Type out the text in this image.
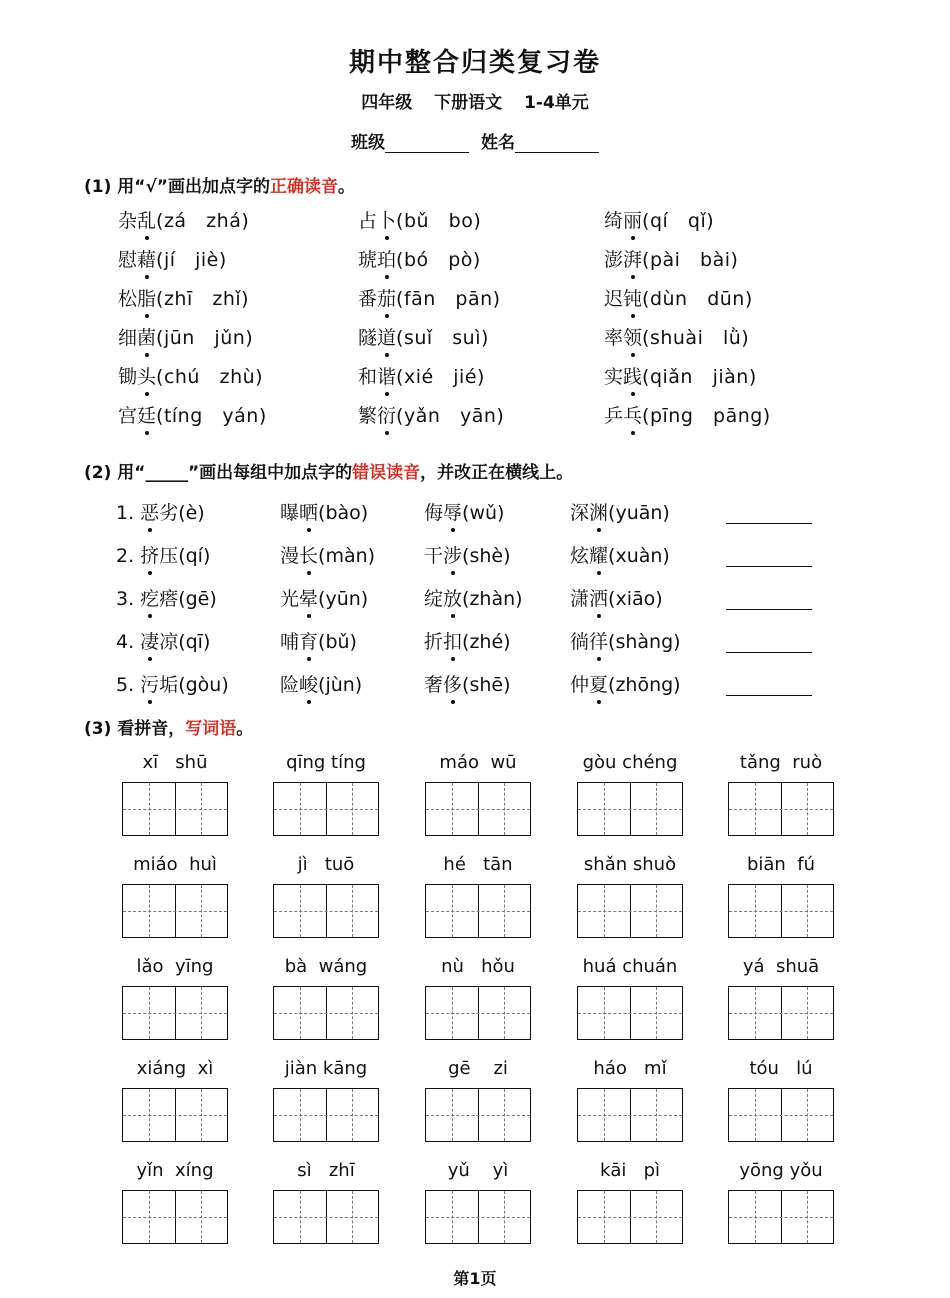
期中整合归类复习卷
四年级 下册语文 1-4单元
班级	姓名
(1) 用“√”画出加点字的正确读音。
杂乱(zá   zhá)	占卜(bǔ   bo)	绮丽(qí   qǐ)
慰藉(jí   jiè)	琥珀(bó   pò)	澎湃(pài   bài)
松脂(zhī   zhǐ)	番茄(fān   pān)	迟钝(dùn   dūn)
细菌(jūn   jǔn)	隧道(suǐ   suì)	率领(shuài   lǜ)
锄头(chú   zhù)	和谐(xié   jié)	实践(qiǎn   jiàn)
宫廷(tíng   yán)	繁衍(yǎn   yān)	乒乓(pīng   pāng)
(2) 用“_____”画出每组中加点字的错误读音，并改正在横线上。
1. 恶劣(è)	曝晒(bào)	侮辱(wǔ)	深渊(yuān)
2. 挤压(qí)	漫长(màn)	干涉(shè)	炫耀(xuàn)
3. 疙瘩(gē)	光晕(yūn)	绽放(zhàn) 潇洒(xiāo)
4. 凄凉(qī)	哺育(bǔ)	折扣(zhé)	徜徉(shàng)
5. 污垢(gòu)	险峻(jùn)	奢侈(shē)	仲夏(zhōng)
(3) 看拼音，写词语。
xī   shū	qīng tíng	máo  wū	gòu chéng	tǎng  ruò
miáo  huì	jì   tuō	hé   tān	shǎn shuò	biān  fú
lǎo  yīng	bà  wáng	nù   hǒu	huá chuán	yá  shuā
xiáng  xì	jiàn kāng	gē    zi	háo   mǐ	tóu   lú
yǐn  xíng	sì   zhī	yǔ    yì	kāi   pì	yōng yǒu
第1页
